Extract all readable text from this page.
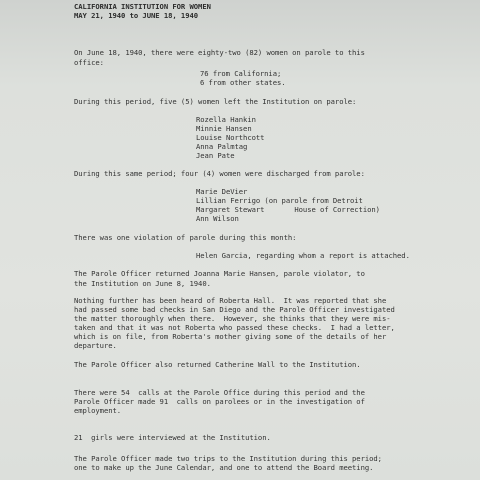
CALIFORNIA INSTITUTION FOR WOMEN
MAY 21, 1940 to JUNE 18, 1940
On June 18, 1940, there were eighty-two (82) women on parole to this
office:
76 from California;
6 from other states.
During this period, five (5) women left the Institution on parole:
Rozella Hankin
Minnie Hansen
Louise Northcott
Anna Palmtag
Jean Pate
During this same period; four (4) women were discharged from parole:
Marie DeVier
Lillian Ferrigo (on parole from Detroit
Margaret Stewart       House of Correction)
Ann Wilson
There was one violation of parole during this month:
Helen Garcia, regarding whom a report is attached.
The Parole Officer returned Joanna Marie Hansen, parole violator, to
the Institution on June 8, 1940.
Nothing further has been heard of Roberta Hall.  It was reported that she
had passed some bad checks in San Diego and the Parole Officer investigated
the matter thoroughly when there.  However, she thinks that they were mis-
taken and that it was not Roberta who passed these checks.  I had a letter,
which is on file, from Roberta's mother giving some of the details of her
departure.
The Parole Officer also returned Catherine Wall to the Institution.
There were 54  calls at the Parole Office during this period and the
Parole Officer made 91  calls on parolees or in the investigation of
employment.
21  girls were interviewed at the Institution.
The Parole Officer made two trips to the Institution during this period;
one to make up the June Calendar, and one to attend the Board meeting.
